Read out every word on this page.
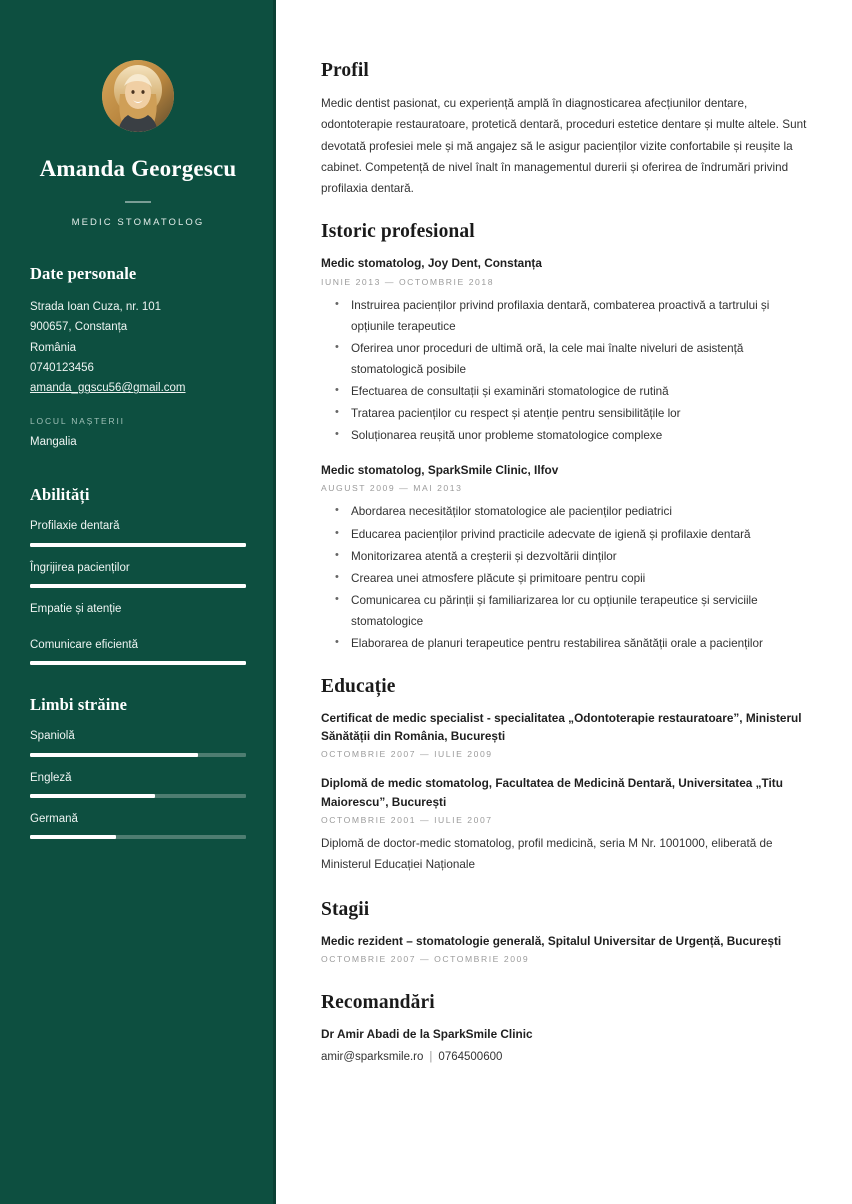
Amanda Georgescu
MEDIC STOMATOLOG
Date personale
Strada Ioan Cuza, nr. 101
900657, Constanța
România
0740123456
amanda_ggscu56@gmail.com
LOCUL NAȘTERII
Mangalia
Abilități
Profilaxie dentară
Îngrijirea pacienților
Empatie și atenție
Comunicare eficientă
Limbi străine
Spaniolă
Engleză
Germană
Profil

Medic dentist pasionat, cu experiență amplă în diagnosticarea afecțiunilor dentare, odontoterapie restauratoare, protetică dentară, proceduri estetice dentare și multe altele. Sunt devotată profesiei mele și mă angajez să le asigur pacienților vizite confortabile și reușite la cabinet. Competență de nivel înalt în managementul durerii și oferirea de îndrumări privind profilaxia dentară.

Istoric profesional
Medic stomatolog, Joy Dent, Constanța
IUNIE 2013 — OCTOMBRIE 2018
• Instruirea pacienților privind profilaxia dentară, combaterea proactivă a tartrului și opțiunile terapeutice
• Oferirea unor proceduri de ultimă oră, la cele mai înalte niveluri de asistență stomatologică posibile
• Efectuarea de consultații și examinări stomatologice de rutină
• Tratarea pacienților cu respect și atenție pentru sensibilitățile lor
• Soluționarea reușită unor probleme stomatologice complexe
Medic stomatolog, SparkSmile Clinic, Ilfov
AUGUST 2009 — MAI 2013
• Abordarea necesităților stomatologice ale pacienților pediatrici
• Educarea pacienților privind practicile adecvate de igienă și profilaxie dentară
• Monitorizarea atentă a creșterii și dezvoltării dinților
• Crearea unei atmosfere plăcute și primitoare pentru copii
• Comunicarea cu părinții și familiarizarea lor cu opțiunile terapeutice și serviciile stomatologice
• Elaborarea de planuri terapeutice pentru restabilirea sănătății orale a pacienților
Educație
Certificat de medic specialist - specialitatea „Odontoterapie restauratoare”, Ministerul Sănătății din România, București
OCTOMBRIE 2007 — IULIE 2009
Diplomă de medic stomatolog, Facultatea de Medicină Dentară, Universitatea „Titu Maiorescu”, București
OCTOMBRIE 2001 — IULIE 2007
Diplomă de doctor-medic stomatolog, profil medicină, seria M Nr. 1001000, eliberată de Ministerul Educației Naționale
Stagii
Medic rezident – stomatologie generală, Spitalul Universitar de Urgență, București
OCTOMBRIE 2007 — OCTOMBRIE 2009
Recomandări
Dr Amir Abadi de la SparkSmile Clinic
amir@sparksmile.ro | 0764500600
